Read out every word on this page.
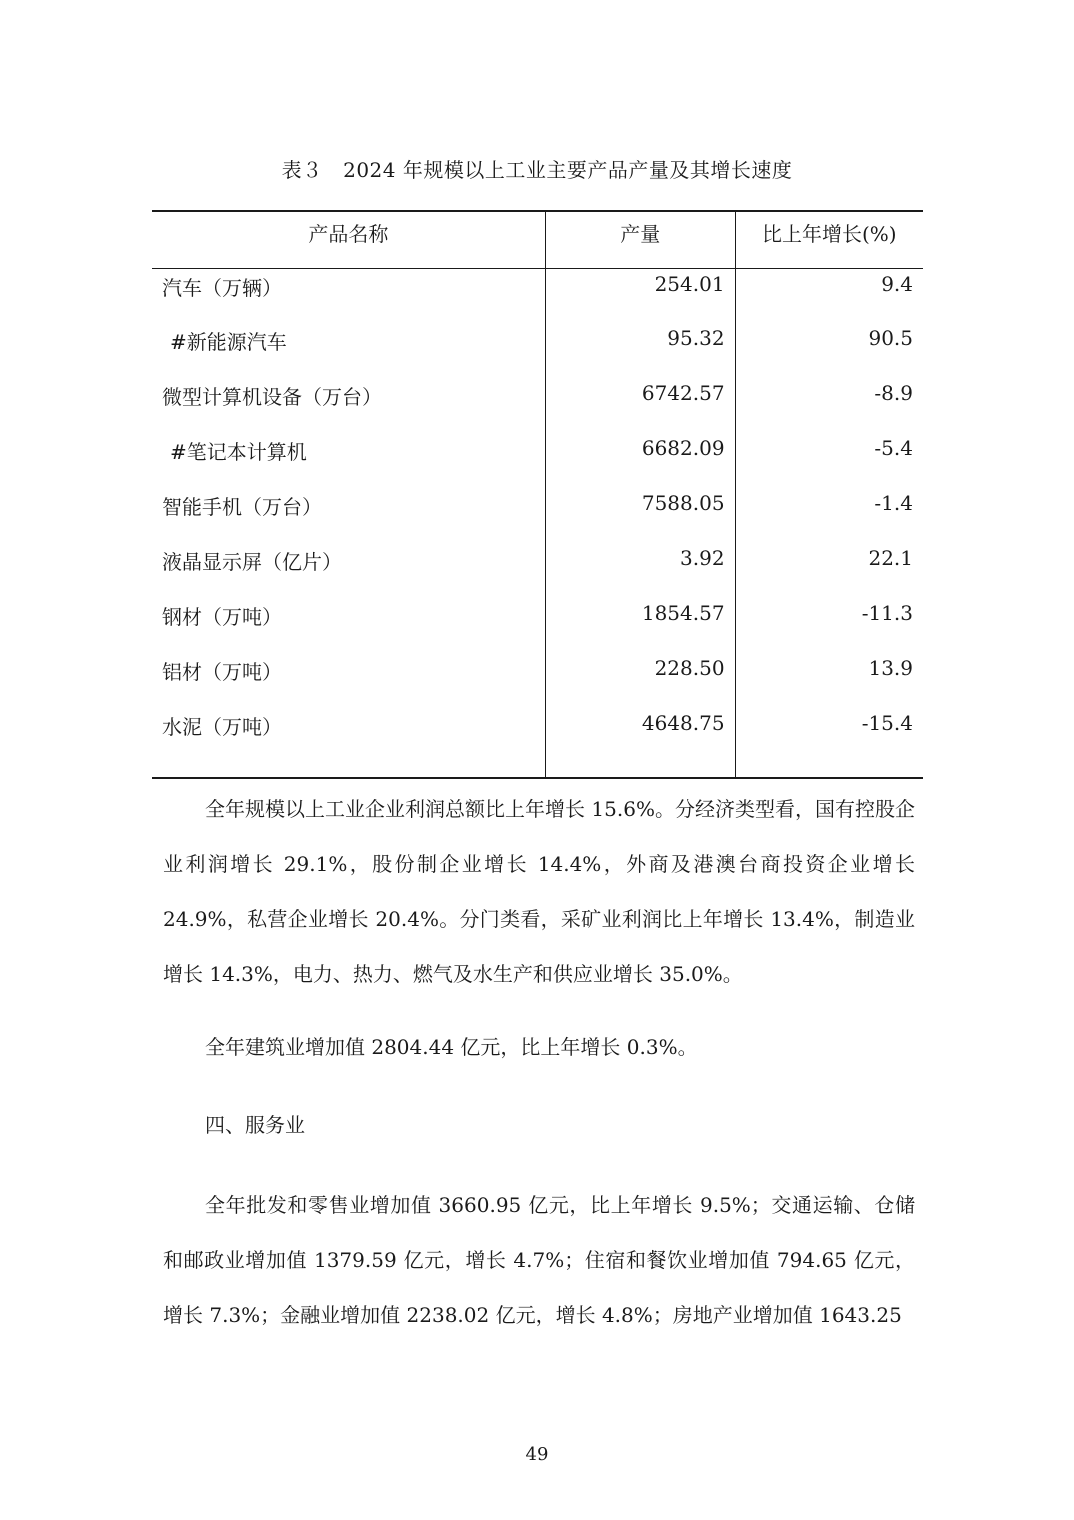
表３　2024 年规模以上工业主要产品产量及其增长速度
产品名称	产量	比上年增长(%)
汽车（万辆）	254.01	9.4
#新能源汽车	95.32	90.5
微型计算机设备（万台）	6742.57	-8.9
#笔记本计算机	6682.09	-5.4
智能手机（万台）	7588.05	-1.4
液晶显示屏（亿片）	3.92	22.1
钢材（万吨）	1854.57	-11.3
铝材（万吨）	228.50	13.9
水泥（万吨）	4648.75	-15.4

全年规模以上工业企业利润总额比上年增长 15.6%。分经济类型看，国有控股企业利润增长 29.1%，股份制企业增长 14.4%，外商及港澳台商投资企业增长 24.9%，私营企业增长 20.4%。分门类看，采矿业利润比上年增长 13.4%，制造业增长 14.3%，电力、热力、燃气及水生产和供应业增长 35.0%。

全年建筑业增加值 2804.44 亿元，比上年增长 0.3%。

四、服务业

全年批发和零售业增加值 3660.95 亿元，比上年增长 9.5%；交通运输、仓储和邮政业增加值 1379.59 亿元，增长 4.7%；住宿和餐饮业增加值 794.65 亿元，增长 7.3%；金融业增加值 2238.02 亿元，增长 4.8%；房地产业增加值 1643.25

49
